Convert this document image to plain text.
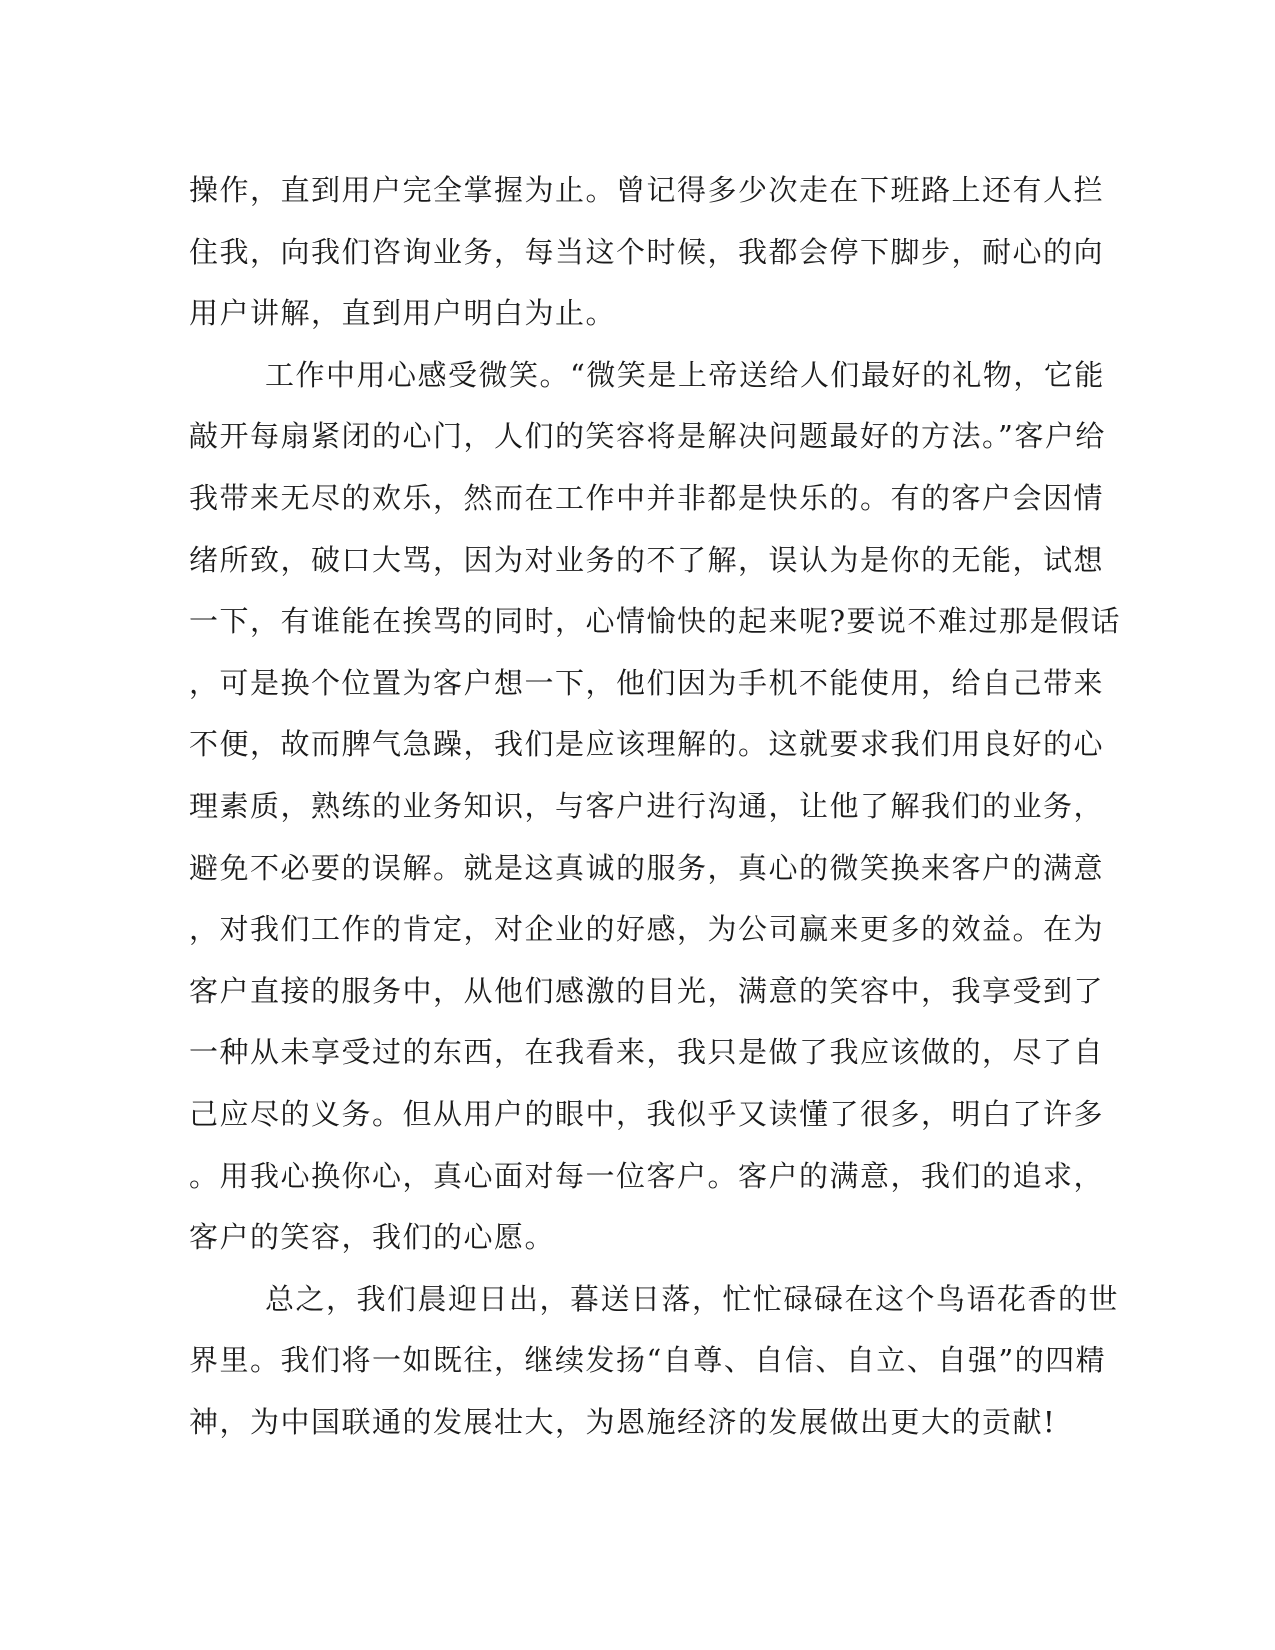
操作，直到用户完全掌握为止。曾记得多少次走在下班路上还有人拦
住我，向我们咨询业务，每当这个时候，我都会停下脚步，耐心的向
用户讲解，直到用户明白为止。
工作中用心感受微笑。“微笑是上帝送给人们最好的礼物，它能
敲开每扇紧闭的心门，人们的笑容将是解决问题最好的方法。”客户给
我带来无尽的欢乐，然而在工作中并非都是快乐的。有的客户会因情
绪所致，破口大骂，因为对业务的不了解，误认为是你的无能，试想
一下，有谁能在挨骂的同时，心情愉快的起来呢?要说不难过那是假话
，可是换个位置为客户想一下，他们因为手机不能使用，给自己带来
不便，故而脾气急躁，我们是应该理解的。这就要求我们用良好的心
理素质，熟练的业务知识，与客户进行沟通，让他了解我们的业务，
避免不必要的误解。就是这真诚的服务，真心的微笑换来客户的满意
，对我们工作的肯定，对企业的好感，为公司赢来更多的效益。在为
客户直接的服务中，从他们感激的目光，满意的笑容中，我享受到了
一种从未享受过的东西，在我看来，我只是做了我应该做的，尽了自
己应尽的义务。但从用户的眼中，我似乎又读懂了很多，明白了许多
。用我心换你心，真心面对每一位客户。客户的满意，我们的追求，
客户的笑容，我们的心愿。
总之，我们晨迎日出，暮送日落，忙忙碌碌在这个鸟语花香的世
界里。我们将一如既往，继续发扬“自尊、自信、自立、自强”的四精
神，为中国联通的发展壮大，为恩施经济的发展做出更大的贡献!
